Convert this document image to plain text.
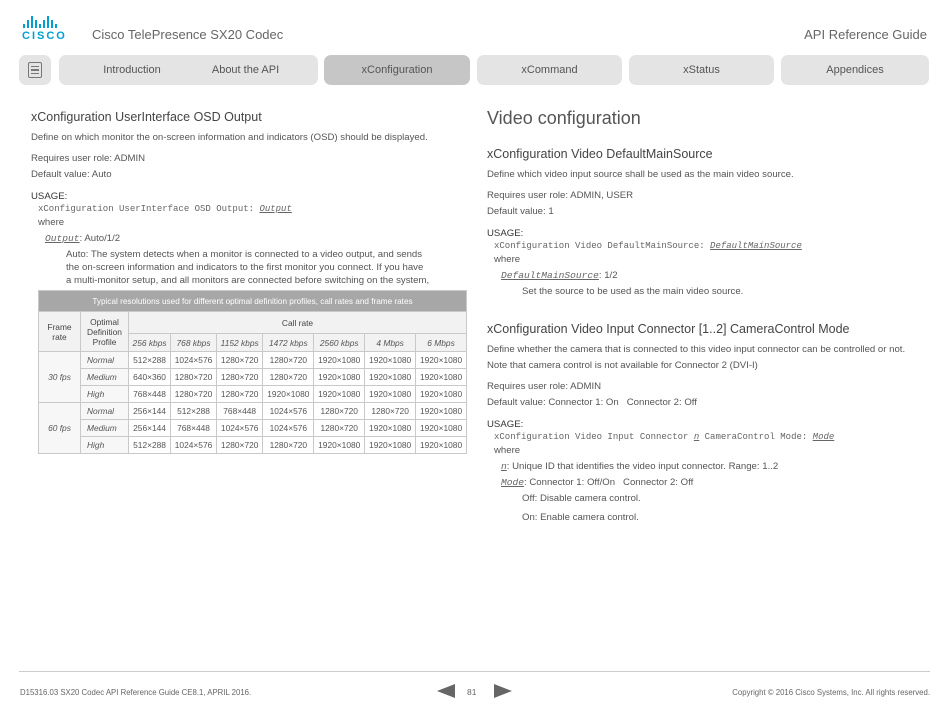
CISCO Cisco TelePresence SX20 Codec	API Reference Guide
Introduction	About the API	xConfiguration	xCommand	xStatus	Appendices
xConfiguration UserInterface OSD Output

Define on which monitor the on-screen information and indicators (OSD) should be displayed.

Requires user role: ADMIN

Default value: Auto

USAGE:

xConfiguration UserInterface OSD Output: Output

where

Output: Auto/1/2

Auto: The system detects when a monitor is connected to a video output, and sends

the on-screen information and indicators to the first monitor you connect. If you have

a multi-monitor setup, and all monitors are connected before switching on the system,

Typical resolutions used for different optimal definition profiles, call rates and frame rates								
Frame rate	Optimal Definition Profile	Call rate						
		256 kbps	768 kbps	1152 kbps	1472 kbps	2560 kbps	4 Mbps	6 Mbps
30 fps	Normal	512×288	1024×576	1280×720	1280×720	1920×1080	1920×1080	1920×1080
	Medium	640×360	1280×720	1280×720	1280×720	1920×1080	1920×1080	1920×1080
	High	768×448	1280×720	1280×720	1920×1080	1920×1080	1920×1080	1920×1080
60 fps	Normal	256×144	512×288	768×448	1024×576	1280×720	1280×720	1920×1080
	Medium	256×144	768×448	1024×576	1024×576	1280×720	1920×1080	1920×1080
	High	512×288	1024×576	1280×720	1280×720	1920×1080	1920×1080	1920×1080
Video configuration
xConfiguration Video DefaultMainSource

Define which video input source shall be used as the main video source.

Requires user role: ADMIN, USER

Default value: 1

USAGE:

xConfiguration Video DefaultMainSource: DefaultMainSource

where

DefaultMainSource: 1/2

Set the source to be used as the main video source.

xConfiguration Video Input Connector [1..2] CameraControl Mode

Define whether the camera that is connected to this video input connector can be controlled or not.

Note that camera control is not available for Connector 2 (DVI-I)

Requires user role: ADMIN

Default value: Connector 1: On   Connector 2: Off

USAGE:

xConfiguration Video Input Connector n CameraControl Mode: Mode

where

n: Unique ID that identifies the video input connector. Range: 1..2

Mode: Connector 1: Off/On   Connector 2: Off

Off: Disable camera control.

On: Enable camera control.

D15316.03 SX20 Codec API Reference Guide CE8.1, APRIL 2016.	81	Copyright © 2016 Cisco Systems, Inc. All rights reserved.
